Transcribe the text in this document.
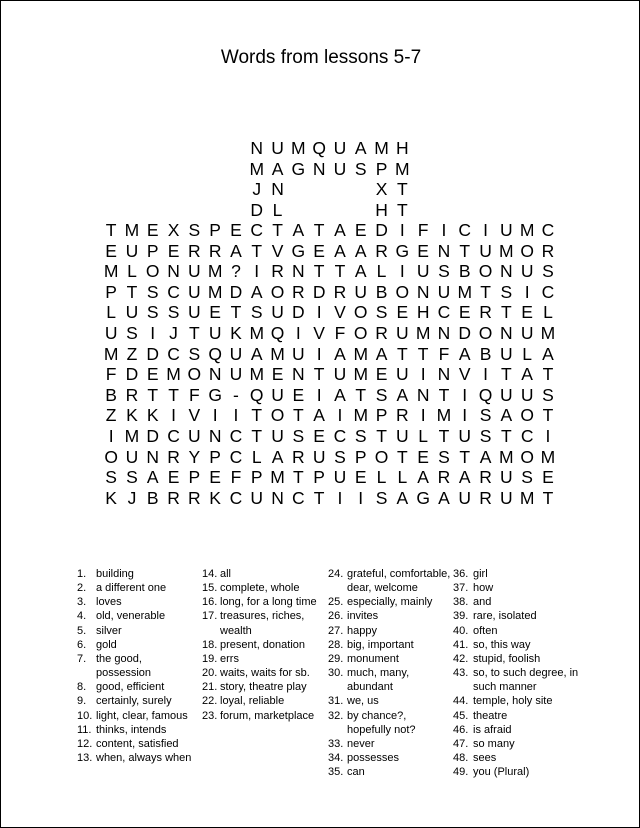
Words from lessons 5-7
N U M Q U A M H
M A G N U S P M
J N	X T
D L	H T
T M E X S P E C T A T A E D I F I C I U M C
E U P E R R A T V G E A A R G E N T U M O R
M L O N U M ? I R N T T A L I U S B O N U S
P T S C U M D A O R D R U B O N U M T S I C
L U S S U E T S U D I V O S E H C E R T E L
U S I J T U K M Q I V F O R U M N D O N U M
M Z D C S Q U A M U I A M A T T F A B U L A
F D E M O N U M E N T U M E U I N V I T A T
B R T T F G - Q U E I A T S A N T I Q U U S
Z K K I V I I T O T A I M P R I M I S A O T
I M D C U N C T U S E C S T U L T U S T C I
O U N R Y P C L A R U S P O T E S T A M O M
S S A E P E F P M T P U E L L A R A R U S E
K J B R R K C U N C T I I S A G A U R U M T
1. building
2. a different one
3. loves
4. old, venerable
5. silver
6. gold
7. the good, possession
8. good, efficient
9. certainly, surely
10. light, clear, famous
11. thinks, intends
12. content, satisfied
13. when, always when
14. all
15. complete, whole
16. long, for a long time
17. treasures, riches, wealth
18. present, donation
19. errs
20. waits, waits for sb.
21. story, theatre play
22. loyal, reliable
23. forum, marketplace
24. grateful, comfortable, dear, welcome
25. especially, mainly
26. invites
27. happy
28. big, important
29. monument
30. much, many, abundant
31. we, us
32. by chance?, hopefully not?
33. never
34. possesses
35. can
36. girl
37. how
38. and
39. rare, isolated
40. often
41. so, this way
42. stupid, foolish
43. so, to such degree, in such manner
44. temple, holy site
45. theatre
46. is afraid
47. so many
48. sees
49. you (Plural)
